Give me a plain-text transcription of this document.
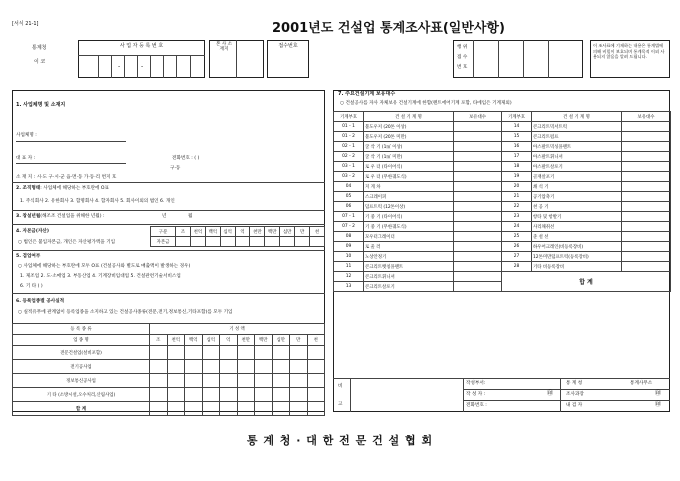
[서식 21-1]	2001년도 건설업 통계조사표(일반사항)
통계청
이 코
사 업 자 등 록 번 호
-	-
본 사 소재지
접수번호	행 위
접 수
번 호
이 조사표에 기재하는 내용은 통계법에 의해 비밀이 보호되며 통계목적 이외 사용되지 않음을 알려 드립니다.
1. 사업체명 및 소재지
사업체명 :
대 표 자 :	전화번호 : ( )
구·동
소 재 지 : 시·도 구·시·군 읍·면·동 가·동·리 번지 호
2. 조직형태: 사업체에 해당하는 부호란에 O표
1. 주식회사 2. 유한회사 3. 합명회사 4. 합자회사 5. 회사이외의 법인 6. 개인
3. 창설년월(해조조 건설업을 위해한 년월) :	년	월
4. 자본금(자산)
○ 법인은 불입자본금, 개인은 자산평가액을 기입
구분	조	천억	백억	십억	억	천만	백만	십만	만	천
자본금										
5. 겸업여부
○ 사업체에 해당하는 부호란에 모두 O표 (건설공사와 별도로 매출액이 발생하는 경우)
1. 제조업 2. 도·소매업 3. 부동산업 4. 기계장비임대업 5. 건설관련기술서비스업
6. 기 타 ( )
6. 등록업종별 공사실적
○ 실적유무에 관계없이 등록업종을 소지하고 있는 건설공사종류(전문,전기,정보통신,기타포함)를 모두 기입
등 록 종 류	기 성 액									
업 종 명	조	천억	백억	십억	억	천만	백만	십만	만	천
전문건설업(설비포함)										
전기공사업										
정보통신공사업										
기 타 (소방시설,오수처리,산림사업)										
합 계										
7. 주요건설기계 보유대수
○ 건설공사를 자사 자체보유 건설기계에 한함(렌트에어기계 포함, 타에임은 기계제외)
기계부호	건 설 기 계 명	보유대수	기계부호	건 설 기 계 명	보유대수
01 - 1	불도우저 (20톤 이상)		14	콘크리트믹서트럭	
01 - 2	불도우저 (20톤 미만)		15	콘크리트펌프	
02 - 1	굴 삭 기 (1㎥ 이상)		16	아스팔트믹싱플랜트	
02 - 2	굴 삭 기 (1㎥ 미만)		17	아스팔트휘니셔	
03 - 1	로 우 더 (타이어식)		18	아스팔트살포기	
03 - 2	로 우 더 (무한궤도식)		19	골재살포기	
04	지 게 차		20	쇄 석 기	
05	스크레이퍼		21	공기압축기	
06	덤프트럭 (12톤이상)		22	천 공 기	
07 - 1	기 중 기 (타이어식)		23	항타 및 항발기	
07 - 2	기 중 기 (무한궤도식)		24	사리채취선	
08	모우터그레이더		25	준 설 선	
09	로 울 러		26	하우어크레인(비등록장비)	
10	노상안정기		27	12톤미만덤프트럭(등록장비)	
11	콘크리트뱃칭플랜트		28	기타 비등록장비	
12	콘크리트휘니셔		합 계		
13	콘크리트살포기				
비
고
작성부서:
작 성 자 :	㊞
전화번호 :
통 계 청	통계사무소
조사과장	㊞
내 검 자	㊞
통 계 청 · 대 한 전 문 건 설 협 회
